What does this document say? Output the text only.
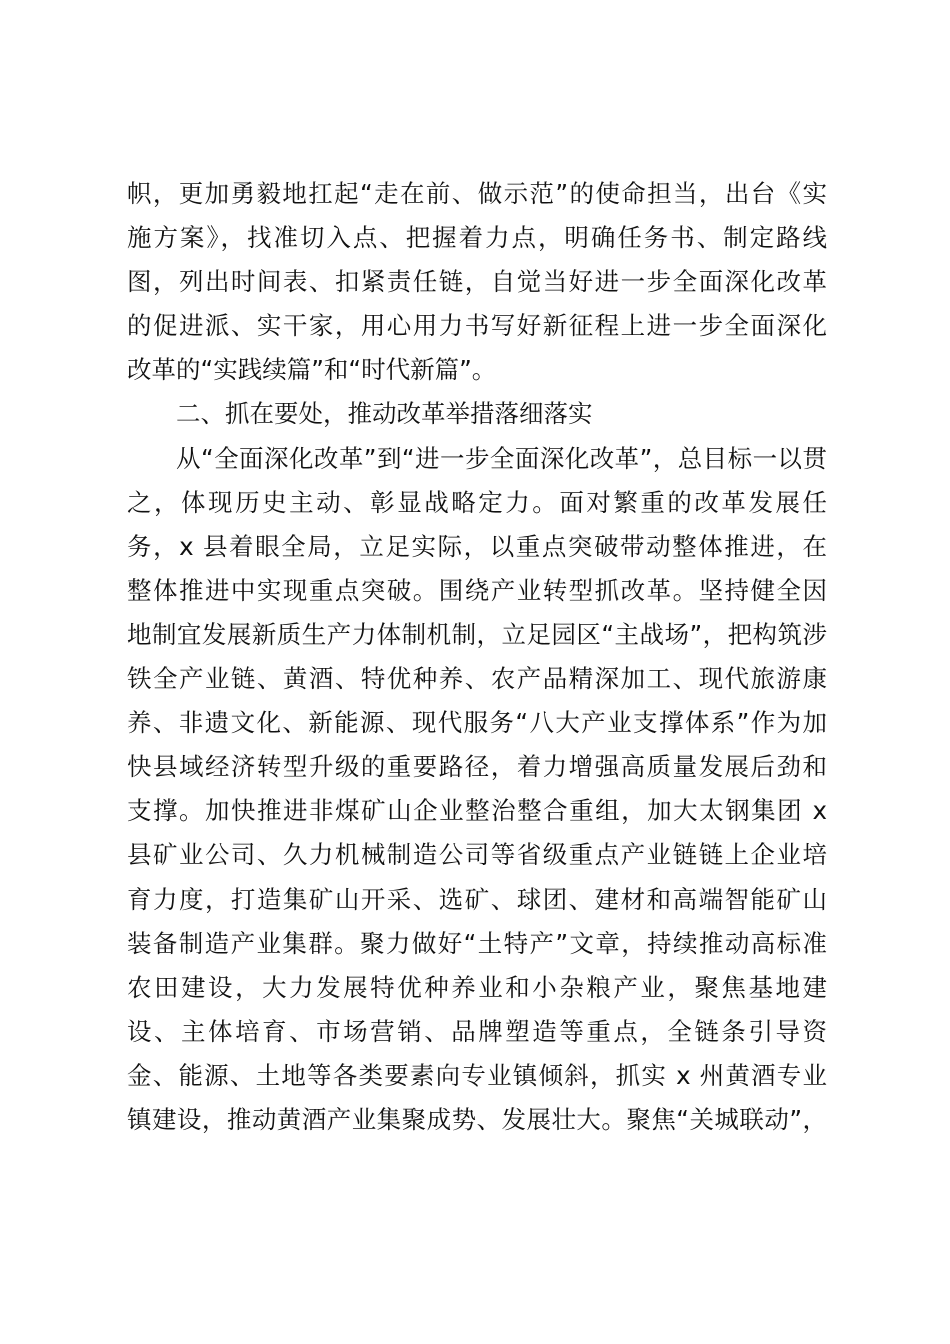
帜，更加勇毅地扛起“走在前、做示范”的使命担当，出台《实
施方案》，找准切入点、把握着力点，明确任务书、制定路线
图，列出时间表、扣紧责任链，自觉当好进一步全面深化改革
的促进派、实干家，用心用力书写好新征程上进一步全面深化
改革的“实践续篇”和“时代新篇”。
二、抓在要处，推动改革举措落细落实
从“全面深化改革”到“进一步全面深化改革”，总目标一以贯
之，体现历史主动、彰显战略定力。面对繁重的改革发展任
务，x 县着眼全局，立足实际，以重点突破带动整体推进，在
整体推进中实现重点突破。围绕产业转型抓改革。坚持健全因
地制宜发展新质生产力体制机制，立足园区“主战场”，把构筑涉
铁全产业链、黄酒、特优种养、农产品精深加工、现代旅游康
养、非遗文化、新能源、现代服务“八大产业支撑体系”作为加
快县域经济转型升级的重要路径，着力增强高质量发展后劲和
支撑。加快推进非煤矿山企业整治整合重组，加大太钢集团 x
县矿业公司、久力机械制造公司等省级重点产业链链上企业培
育力度，打造集矿山开采、选矿、球团、建材和高端智能矿山
装备制造产业集群。聚力做好“土特产”文章，持续推动高标准
农田建设，大力发展特优种养业和小杂粮产业，聚焦基地建
设、主体培育、市场营销、品牌塑造等重点，全链条引导资
金、能源、土地等各类要素向专业镇倾斜，抓实 x 州黄酒专业
镇建设，推动黄酒产业集聚成势、发展壮大。聚焦“关城联动”，
